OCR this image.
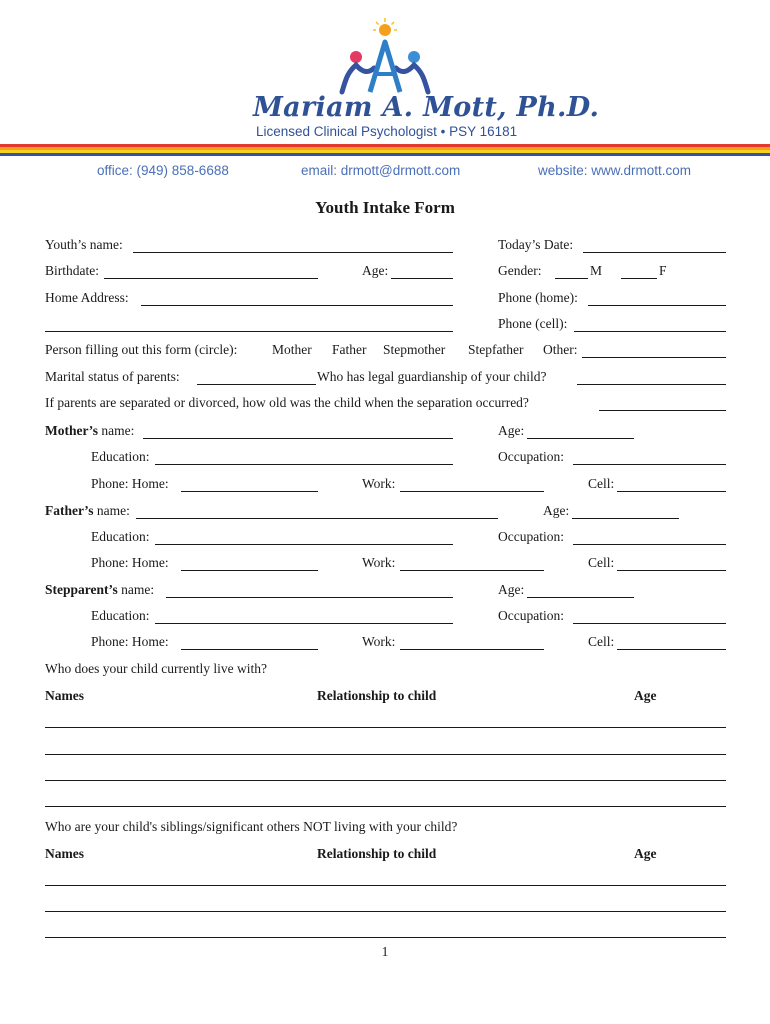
Mariam A. Mott, Ph.D.
Licensed Clinical Psychologist • PSY 16181
office: (949) 858-6688	email: drmott@drmott.com	website: www.drmott.com
Youth Intake Form
Youth’s name:	Today’s Date:
Birthdate:	Age:	Gender:	M	F
Home Address:	Phone (home):
Phone (cell):
Person filling out this form (circle):	Mother Father Stepmother Stepfather Other:
Marital status of parents:	Who has legal guardianship of your child?
If parents are separated or divorced, how old was the child when the separation occurred?
Mother’s name:	Age:
Education:	Occupation:
Phone: Home:	Work:	Cell:
Father’s name:	Age:
Education:	Occupation:
Phone: Home:	Work:	Cell:
Stepparent’s name:	Age:
Education:	Occupation:
Phone: Home:	Work:	Cell:
Who does your child currently live with?
Names	Relationship to child	Age
Who are your child's siblings/significant others NOT living with your child?
Names	Relationship to child	Age
1
